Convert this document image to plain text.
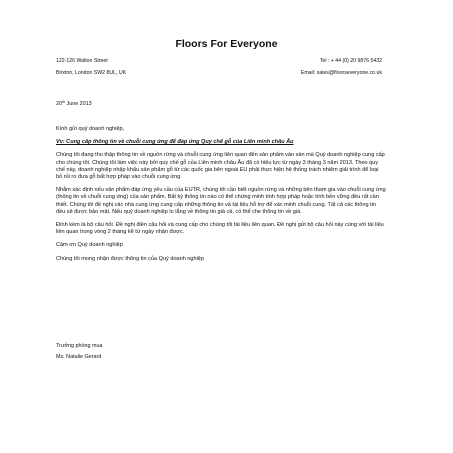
Floors For Everyone
122-126 Walton Street	Tel : + 44 (0) 20 9876 5432
Brixton, London SW2 8UL, UK	Email: sales@floorseveryone.co.uk
20th June 2013

Kính gửi quý doanh nghiệp,

Vv: Cung cấp thông tin về chuỗi cung ứng để đáp ứng Quy chế gỗ của Liên minh châu Âu

Chúng tôi đang thu thập thông tin về nguồn rừng và chuỗi cung ứng liên quan đến sản phẩm ván sàn mà Quý doanh nghiệp cung cấp cho chúng tôi. Chúng tôi làm việc này bởi quy chế gỗ của Liên minh châu Âu đã có hiệu lực từ ngày 3 tháng 3 năm 2013. Theo quy chế này, doanh nghiệp nhập khẩu sản phẩm gỗ từ các quốc gia bên ngoài EU phải thực hiện hệ thống trách nhiệm giải trình để loại bỏ rủi ro đưa gỗ bất hợp pháp vào chuỗi cung ứng.

Nhằm xác định nếu sản phẩm đáp ứng yêu cầu của EUTR, chúng tôi cần biết nguồn rừng và những bên tham gia vào chuỗi cung ứng (thông tin về chuỗi cung ứng) của sản phẩm. Bất kỳ thông tin nào có thể chứng minh tính hợp pháp hoặc tính bền vững đều rất cần thiết. Chúng tôi đề nghị các nhà cung ứng cung cấp những thông tin và tài liệu hỗ trợ để xác minh chuỗi cung. Tất cả các thông tin đều sẽ được bảo mật. Nếu quý doanh nghiệp lo lắng về thông tin giá cả, có thể che thông tin về giá.

Đính kèm là bộ câu hỏi. Đề nghị điền câu hỏi và cung cấp cho chúng tôi tài liệu liên quan. Đề nghị gửi bộ câu hỏi này cùng với tài liệu liên quan trong vòng 2 tháng kể từ ngày nhận được.

Cảm ơn Quý doanh nghiệp

Chúng tôi mong nhận được thông tin của Quý doanh nghiệp

Trưởng phòng mua
Ms. Natalie Gerard
